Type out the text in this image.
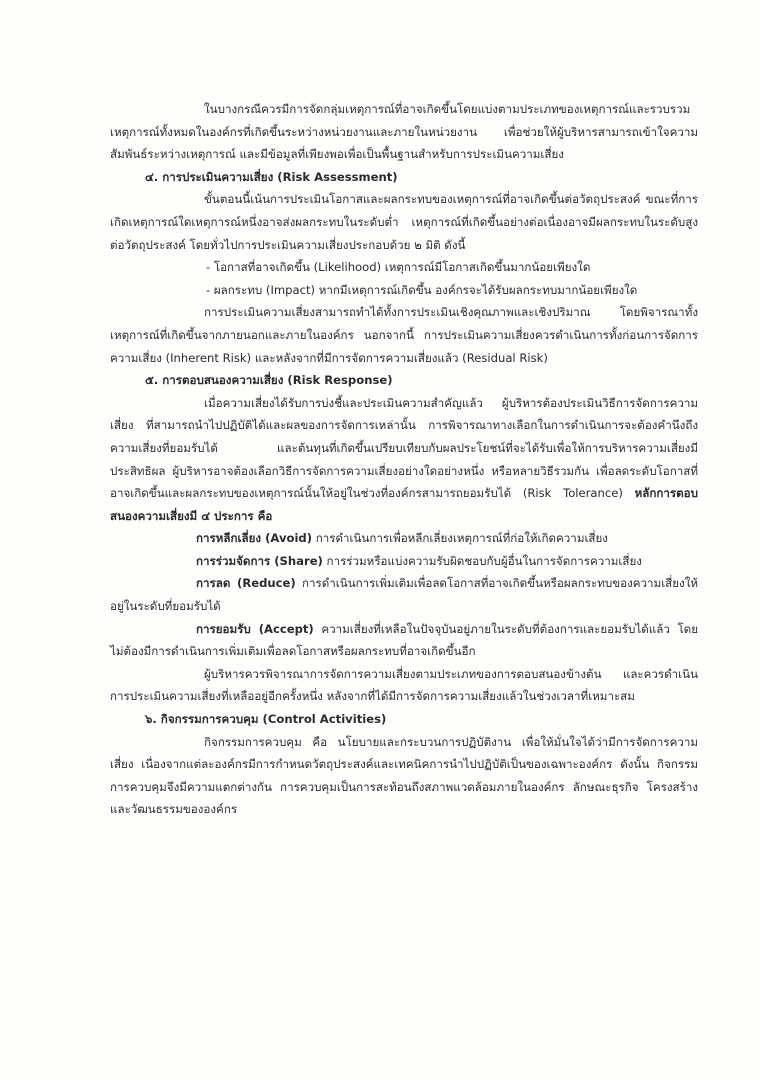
ในบางกรณีควรมีการจัดกลุ่มเหตุการณ์ที่อาจเกิดขึ้นโดยแบ่งตามประเภทของเหตุการณ์และรวบรวมเหตุการณ์ทั้งหมดในองค์กรที่เกิดขึ้นระหว่างหน่วยงานและภายในหน่วยงาน เพื่อช่วยให้ผู้บริหารสามารถเข้าใจความสัมพันธ์ระหว่างเหตุการณ์ และมีข้อมูลที่เพียงพอเพื่อเป็นพื้นฐานสำหรับการประเมินความเสี่ยง

๔. การประเมินความเสี่ยง (Risk Assessment)

ขั้นตอนนี้เน้นการประเมินโอกาสและผลกระทบของเหตุการณ์ที่อาจเกิดขึ้นต่อวัตถุประสงค์ ขณะที่การเกิดเหตุการณ์ใดเหตุการณ์หนึ่งอาจส่งผลกระทบในระดับต่ำ เหตุการณ์ที่เกิดขึ้นอย่างต่อเนื่องอาจมีผลกระทบในระดับสูงต่อวัตถุประสงค์ โดยทั่วไปการประเมินความเสี่ยงประกอบด้วย ๒ มิติ ดังนี้

- โอกาสที่อาจเกิดขึ้น (Likelihood) เหตุการณ์มีโอกาสเกิดขึ้นมากน้อยเพียงใด

- ผลกระทบ (Impact) หากมีเหตุการณ์เกิดขึ้น องค์กรจะได้รับผลกระทบมากน้อยเพียงใด

การประเมินความเสี่ยงสามารถทำได้ทั้งการประเมินเชิงคุณภาพและเชิงปริมาณ โดยพิจารณาทั้งเหตุการณ์ที่เกิดขึ้นจากภายนอกและภายในองค์กร นอกจากนี้ การประเมินความเสี่ยงควรดำเนินการทั้งก่อนการจัดการความเสี่ยง (Inherent Risk) และหลังจากที่มีการจัดการความเสี่ยงแล้ว (Residual Risk)

๕. การตอบสนองความเสี่ยง (Risk Response)

เมื่อความเสี่ยงได้รับการบ่งชี้และประเมินความสำคัญแล้ว ผู้บริหารต้องประเมินวิธีการจัดการความเสี่ยง ที่สามารถนำไปปฏิบัติได้และผลของการจัดการเหล่านั้น การพิจารณาทางเลือกในการดำเนินการจะต้องคำนึงถึงความเสี่ยงที่ยอมรับได้ และต้นทุนที่เกิดขึ้นเปรียบเทียบกับผลประโยชน์ที่จะได้รับเพื่อให้การบริหารความเสี่ยงมีประสิทธิผล ผู้บริหารอาจต้องเลือกวิธีการจัดการความเสี่ยงอย่างใดอย่างหนึ่ง หรือหลายวิธีรวมกัน เพื่อลดระดับโอกาสที่อาจเกิดขึ้นและผลกระทบของเหตุการณ์นั้นให้อยู่ในช่วงที่องค์กรสามารถยอมรับได้ (Risk Tolerance) หลักการตอบสนองความเสี่ยงมี ๔ ประการ คือ

การหลีกเลี่ยง (Avoid) การดำเนินการเพื่อหลีกเลี่ยงเหตุการณ์ที่ก่อให้เกิดความเสี่ยง

การร่วมจัดการ (Share) การร่วมหรือแบ่งความรับผิดชอบกับผู้อื่นในการจัดการความเสี่ยง

การลด (Reduce) การดำเนินการเพิ่มเติมเพื่อลดโอกาสที่อาจเกิดขึ้นหรือผลกระทบของความเสี่ยงให้อยู่ในระดับที่ยอมรับได้

การยอมรับ (Accept) ความเสี่ยงที่เหลือในปัจจุบันอยู่ภายในระดับที่ต้องการและยอมรับได้แล้ว โดยไม่ต้องมีการดำเนินการเพิ่มเติมเพื่อลดโอกาสหรือผลกระทบที่อาจเกิดขึ้นอีก

ผู้บริหารควรพิจารณาการจัดการความเสี่ยงตามประเภทของการตอบสนองข้างต้น และควรดำเนินการประเมินความเสี่ยงที่เหลืออยู่อีกครั้งหนึ่ง หลังจากที่ได้มีการจัดการความเสี่ยงแล้วในช่วงเวลาที่เหมาะสม

๖. กิจกรรมการควบคุม (Control Activities)

กิจกรรมการควบคุม คือ นโยบายและกระบวนการปฏิบัติงาน เพื่อให้มั่นใจได้ว่ามีการจัดการความเสี่ยง เนื่องจากแต่ละองค์กรมีการกำหนดวัตถุประสงค์และเทคนิคการนำไปปฏิบัติเป็นของเฉพาะองค์กร ดังนั้น กิจกรรมการควบคุมจึงมีความแตกต่างกัน การควบคุมเป็นการสะท้อนถึงสภาพแวดล้อมภายในองค์กร ลักษณะธุรกิจ โครงสร้างและวัฒนธรรมขององค์กร
